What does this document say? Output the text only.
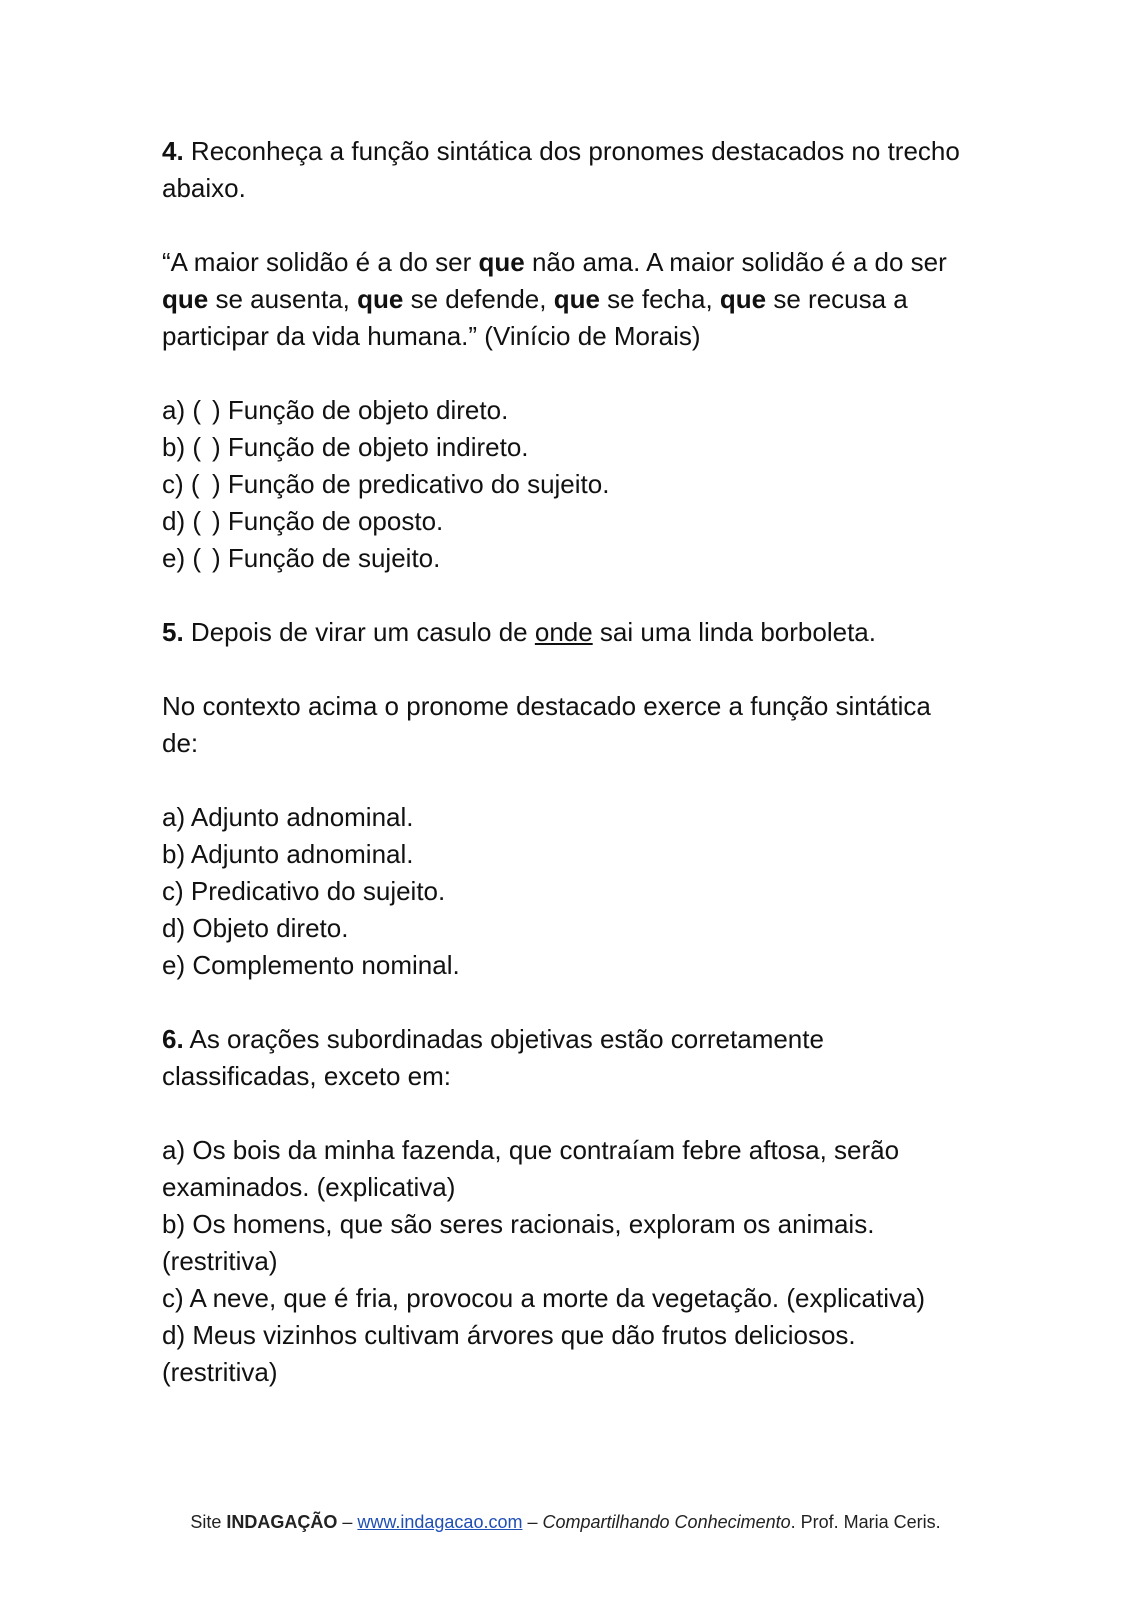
4. Reconheça a função sintática dos pronomes destacados no trecho abaixo.

“A maior solidão é a do ser que não ama. A maior solidão é a do ser que se ausenta, que se defende, que se fecha, que se recusa a participar da vida humana.” (Vinício de Morais)

a) ( ) Função de objeto direto.
b) ( ) Função de objeto indireto.
c) ( ) Função de predicativo do sujeito.
d) ( ) Função de oposto.
e) ( ) Função de sujeito.

5. Depois de virar um casulo de onde sai uma linda borboleta.

No contexto acima o pronome destacado exerce a função sintática de:

a) Adjunto adnominal.
b) Adjunto adnominal.
c) Predicativo do sujeito.
d) Objeto direto.
e) Complemento nominal.

6. As orações subordinadas objetivas estão corretamente classificadas, exceto em:

a) Os bois da minha fazenda, que contraíam febre aftosa, serão examinados. (explicativa)
b) Os homens, que são seres racionais, exploram os animais. (restritiva)
c) A neve, que é fria, provocou a morte da vegetação. (explicativa)
d) Meus vizinhos cultivam árvores que dão frutos deliciosos. (restritiva)
Site INDAGAÇÃO – www.indagacao.com – Compartilhando Conhecimento. Prof. Maria Ceris.
